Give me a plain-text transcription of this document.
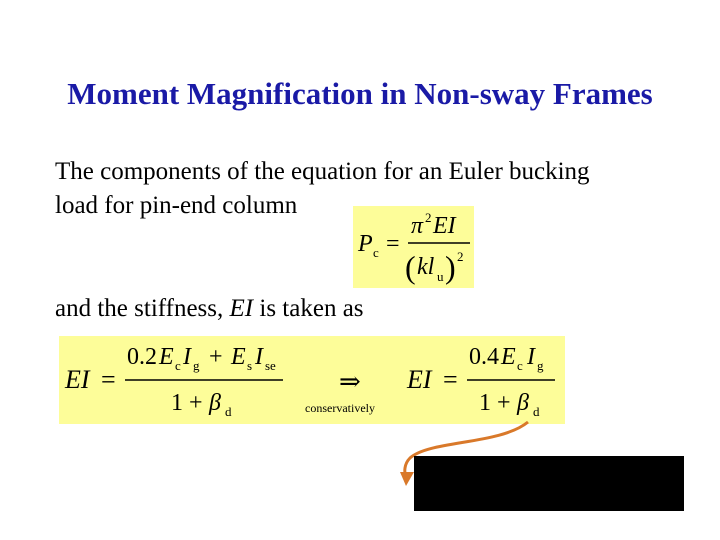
Moment Magnification in Non-sway Frames
The components of the equation for an Euler bucking
load for pin-end column
and the stiffness, EI is taken as
P c =
π 2 EI
( kl u ) 2
EI =
0.2 E c I g + E s I se
1 + β d
⇒
conservatively
EI =
0.4 E c I g
1 + β d
